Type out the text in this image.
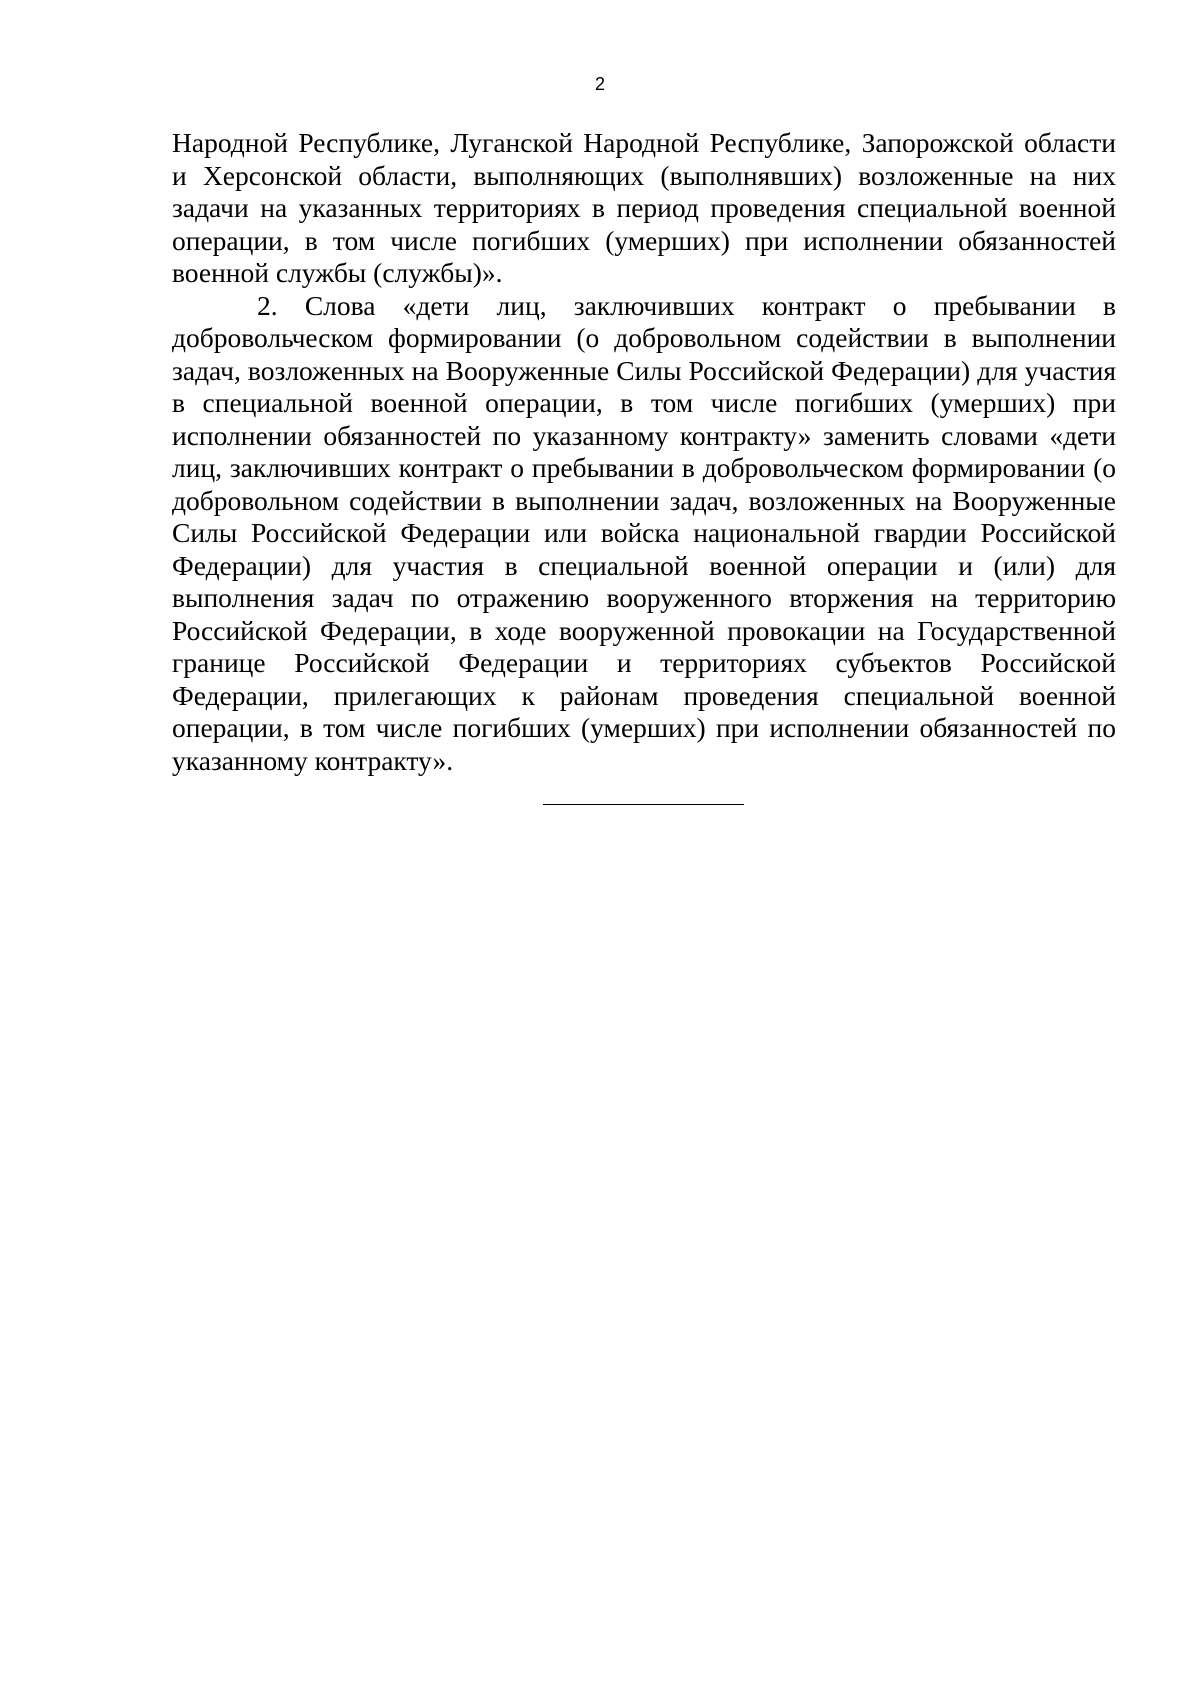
2

Народной Республике, Луганской Народной Республике, Запорожской области и Херсонской области, выполняющих (выполнявших) возложенные на них задачи на указанных территориях в период проведения специальной военной операции, в том числе погибших (умерших) при исполнении обязанностей военной службы (службы)».

2. Слова «дети лиц, заключивших контракт о пребывании в добровольческом формировании (о добровольном содействии в выполнении задач, возложенных на Вооруженные Силы Российской Федерации) для участия в специальной военной операции, в том числе погибших (умерших) при исполнении обязанностей по указанному контракту» заменить словами «дети лиц, заключивших контракт о пребывании в добровольческом формировании (о добровольном содействии в выполнении задач, возложенных на Вооруженные Силы Российской Федерации или войска национальной гвардии Российской Федерации) для участия в специальной военной операции и (или) для выполнения задач по отражению вооруженного вторжения на территорию Российской Федерации, в ходе вооруженной провокации на Государственной границе Российской Федерации и территориях субъектов Российской Федерации, прилегающих к районам проведения специальной военной операции, в том числе погибших (умерших) при исполнении обязанностей по указанному контракту».
